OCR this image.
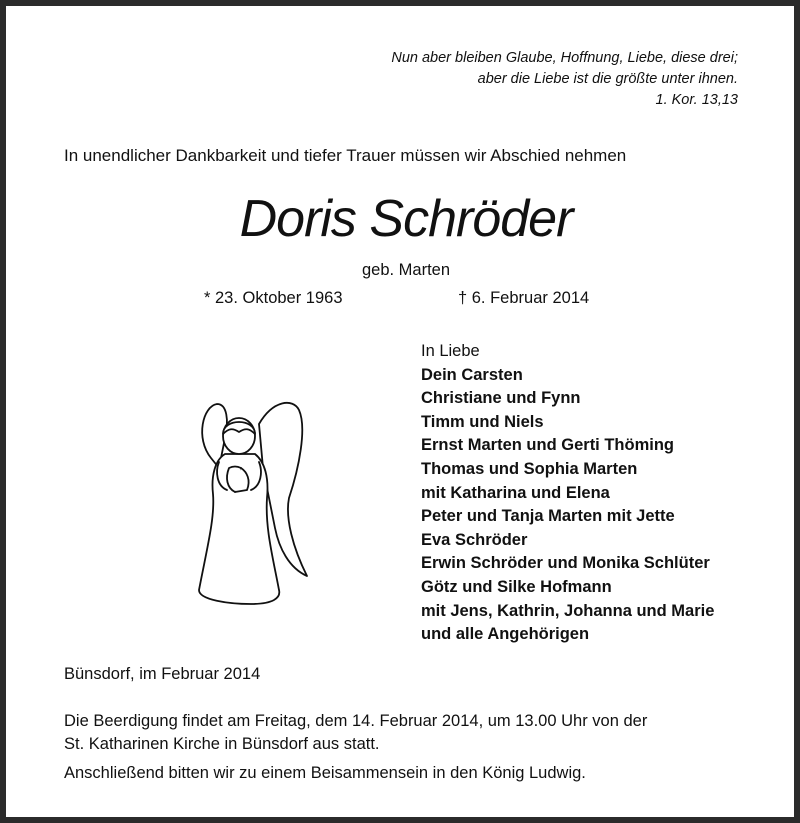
Nun aber bleiben Glaube, Hoffnung, Liebe, diese drei;
aber die Liebe ist die größte unter ihnen.
1. Kor. 13,13
In unendlicher Dankbarkeit und tiefer Trauer müssen wir Abschied nehmen
Doris Schröder
geb. Marten
* 23. Oktober 1963	† 6. Februar 2014
In Liebe
Dein Carsten
Christiane und Fynn
Timm und Niels
Ernst Marten und Gerti Thöming
Thomas und Sophia Marten
mit Katharina und Elena
Peter und Tanja Marten mit Jette
Eva Schröder
Erwin Schröder und Monika Schlüter
Götz und Silke Hofmann
mit Jens, Kathrin, Johanna und Marie
und alle Angehörigen
Bünsdorf, im Februar 2014
Die Beerdigung findet am Freitag, dem 14. Februar 2014, um 13.00 Uhr von der
St. Katharinen Kirche in Bünsdorf aus statt.
Anschließend bitten wir zu einem Beisammensein in den König Ludwig.
